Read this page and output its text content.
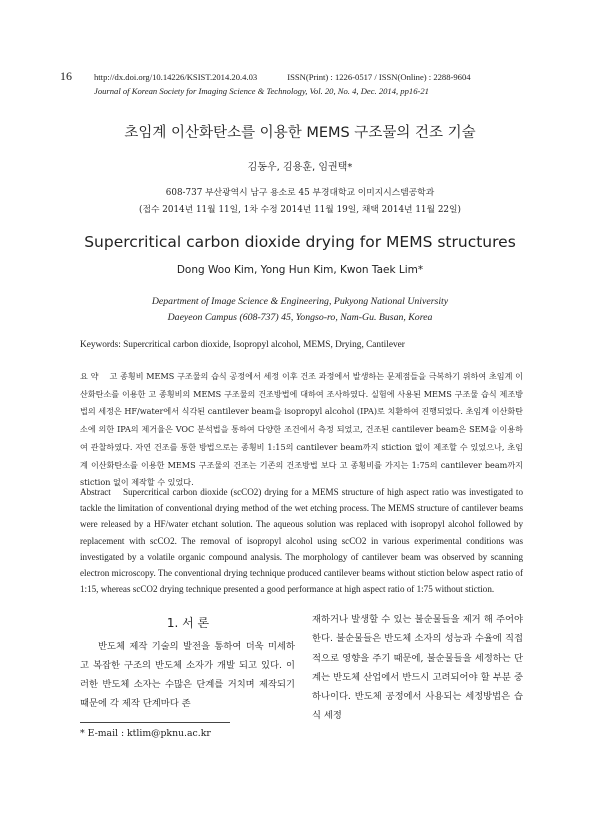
16	http://dx.doi.org/10.14226/KSIST.2014.20.4.03	ISSN(Print) : 1226-0517 / ISSN(Online) : 2288-9604
Journal of Korean Society for Imaging Science & Technology, Vol. 20, No. 4, Dec. 2014, pp16-21
초임계 이산화탄소를 이용한 MEMS 구조물의 건조 기술
김동우, 김용훈, 임권택*
608-737 부산광역시 남구 용소로 45 부경대학교 이미지시스템공학과
(접수 2014년 11월 11일, 1차 수정 2014년 11월 19일, 채택 2014년 11월 22일)
Supercritical carbon dioxide drying for MEMS structures
Dong Woo Kim, Yong Hun Kim, Kwon Taek Lim*
Department of Image Science & Engineering, Pukyong National University
Daeyeon Campus (608-737) 45, Yongso-ro, Nam-Gu. Busan, Korea
Keywords: Supercritical carbon dioxide, Isopropyl alcohol, MEMS, Drying, Cantilever
요 약 고 종횡비 MEMS 구조물의 습식 공정에서 세정 이후 건조 과정에서 발생하는 문제점들을 극복하기 위하여 초임계 이산화탄소를 이용한 고 종횡비의 MEMS 구조물의 건조방법에 대하여 조사하였다. 실험에 사용된 MEMS 구조물 습식 제조방법의 세정은 HF/water에서 식각된 cantilever beam을 isopropyl alcohol (IPA)로 치환하여 진행되었다. 초임계 이산화탄소에 의한 IPA의 제거율은 VOC 분석법을 통하여 다양한 조건에서 측정 되었고, 건조된 cantilever beam은 SEM을 이용하여 관찰하였다. 자연 건조를 통한 방법으로는 종횡비 1:15의 cantilever beam까지 stiction 없이 제조할 수 있었으나, 초임계 이산화탄소를 이용한 MEMS 구조물의 건조는 기존의 건조방법 보다 고 종횡비를 가지는 1:75의 cantilever beam까지 stiction 없이 제작할 수 있었다.
Abstract Supercritical carbon dioxide (scCO2) drying for a MEMS structure of high aspect ratio was investigated to tackle the limitation of conventional drying method of the wet etching process. The MEMS structure of cantilever beams were released by a HF/water etchant solution. The aqueous solution was replaced with isopropyl alcohol followed by replacement with scCO2. The removal of isopropyl alcohol using scCO2 in various experimental conditions was investigated by a volatile organic compound analysis. The morphology of cantilever beam was observed by scanning electron microscopy. The conventional drying technique produced cantilever beams without stiction below aspect ratio of 1:15, whereas scCO2 drying technique presented a good performance at high aspect ratio of 1:75 without stiction.
1. 서 론
반도체 제작 기술의 발전을 통하여 더욱 미세하고 복잡한 구조의 반도체 소자가 개발 되고 있다. 이러한 반도체 소자는 수많은 단계를 거치며 제작되기 때문에 각 제작 단계마다 존
재하거나 발생할 수 있는 불순물들을 제거 해 주어야 한다. 불순물들은 반도체 소자의 성능과 수율에 직접적으로 영향을 주기 때문에, 불순물들을 세정하는 단계는 반도체 산업에서 반드시 고려되어야 할 부분 중 하나이다. 반도체 공정에서 사용되는 세정방법은 습식 세정
* E-mail : ktlim@pknu.ac.kr
